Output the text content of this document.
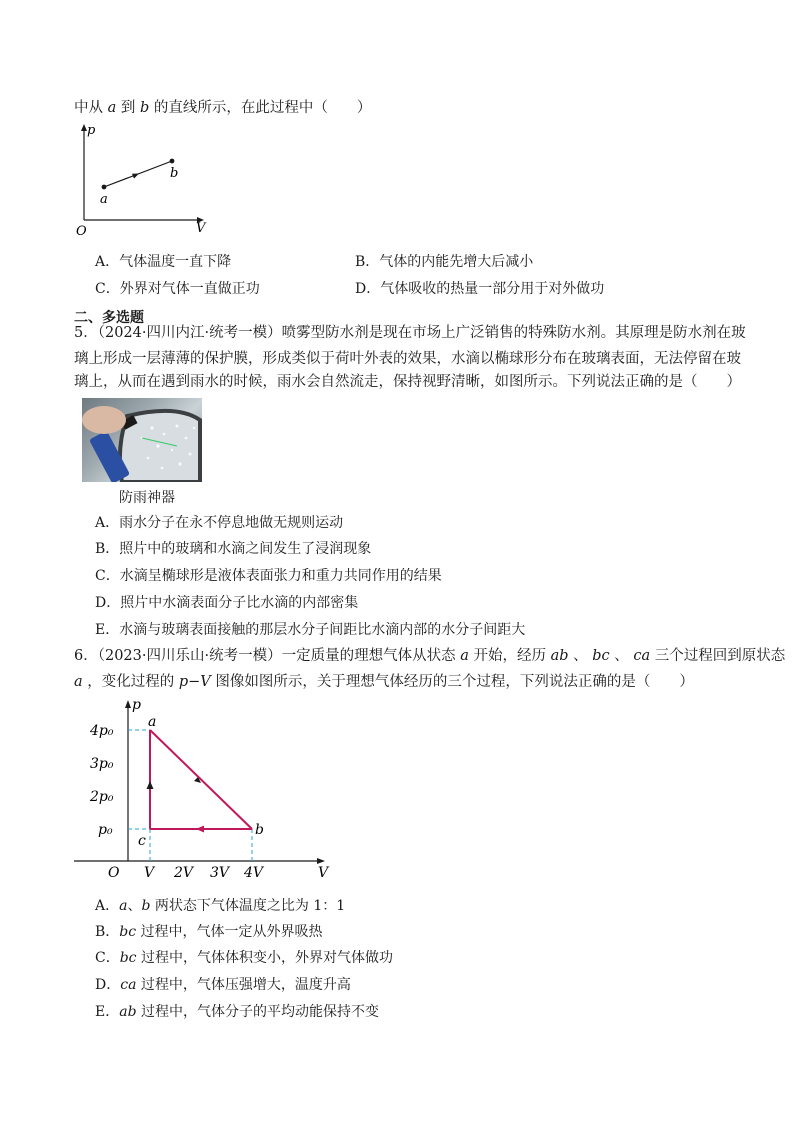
中从 a 到 b 的直线所示，在此过程中（　　）
p
V
O
a
b
A．气体温度一直下降	B．气体的内能先增大后减小
C．外界对气体一直做正功	D．气体吸收的热量一部分用于对外做功
二、多选题
5．（2024·四川内江·统考一模）喷雾型防水剂是现在市场上广泛销售的特殊防水剂。其原理是防水剂在玻
璃上形成一层薄薄的保护膜，形成类似于荷叶外表的效果，水滴以椭球形分布在玻璃表面，无法停留在玻
璃上，从而在遇到雨水的时候，雨水会自然流走，保持视野清晰，如图所示。下列说法正确的是（　　）
防雨神器
A．雨水分子在永不停息地做无规则运动
B．照片中的玻璃和水滴之间发生了浸润现象
C．水滴呈椭球形是液体表面张力和重力共同作用的结果
D．照片中水滴表面分子比水滴的内部密集
E．水滴与玻璃表面接触的那层水分子间距比水滴内部的水分子间距大
6．（2023·四川乐山·统考一模）一定质量的理想气体从状态 a 开始，经历 ab 、 bc 、 ca 三个过程回到原状态
a ，变化过程的 p−V 图像如图所示，关于理想气体经历的三个过程，下列说法正确的是（　　）
p
V
O
4p₀
3p₀
2p₀
p₀
V 2V 3V 4V
a
b
c
A．a、b 两状态下气体温度之比为 1：1
B．bc 过程中，气体一定从外界吸热
C．bc 过程中，气体体积变小，外界对气体做功
D．ca 过程中，气体压强增大，温度升高
E．ab 过程中，气体分子的平均动能保持不变
